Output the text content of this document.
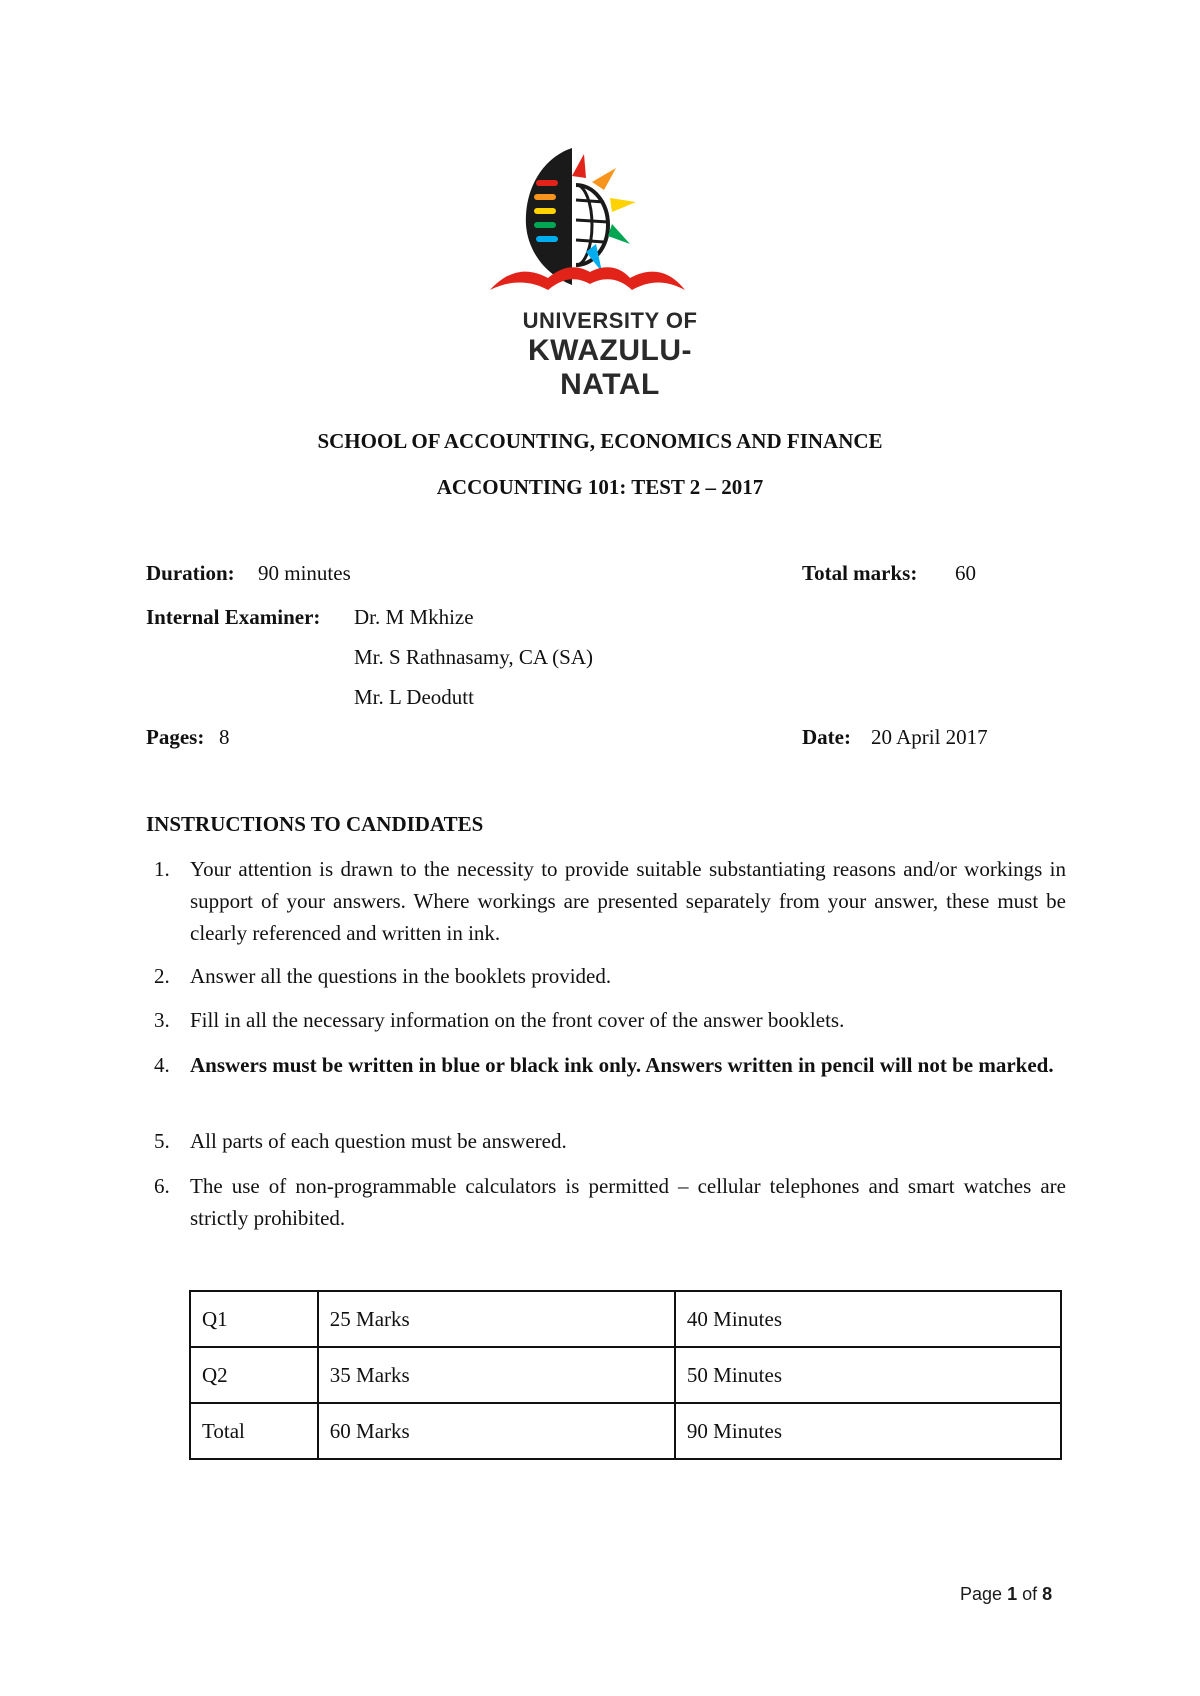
UNIVERSITY OF
KWAZULU-NATAL
SCHOOL OF ACCOUNTING, ECONOMICS AND FINANCE
ACCOUNTING 101: TEST 2 – 2017
Duration: 90 minutes	Total marks: 60
Internal Examiner: Dr. M Mkhize
Mr. S Rathnasamy, CA (SA)
Mr. L Deodutt
Pages: 8	Date: 20 April 2017
INSTRUCTIONS TO CANDIDATES
1. Your attention is drawn to the necessity to provide suitable substantiating reasons and/or workings in support of your answers. Where workings are presented separately from your answer, these must be clearly referenced and written in ink.
2. Answer all the questions in the booklets provided.
3. Fill in all the necessary information on the front cover of the answer booklets.
4. Answers must be written in blue or black ink only. Answers written in pencil will not be marked.
5. All parts of each question must be answered.
6. The use of non-programmable calculators is permitted – cellular telephones and smart watches are strictly prohibited.
Q1	25 Marks	40 Minutes
Q2	35 Marks	50 Minutes
Total	60 Marks	90 Minutes
Page 1 of 8
